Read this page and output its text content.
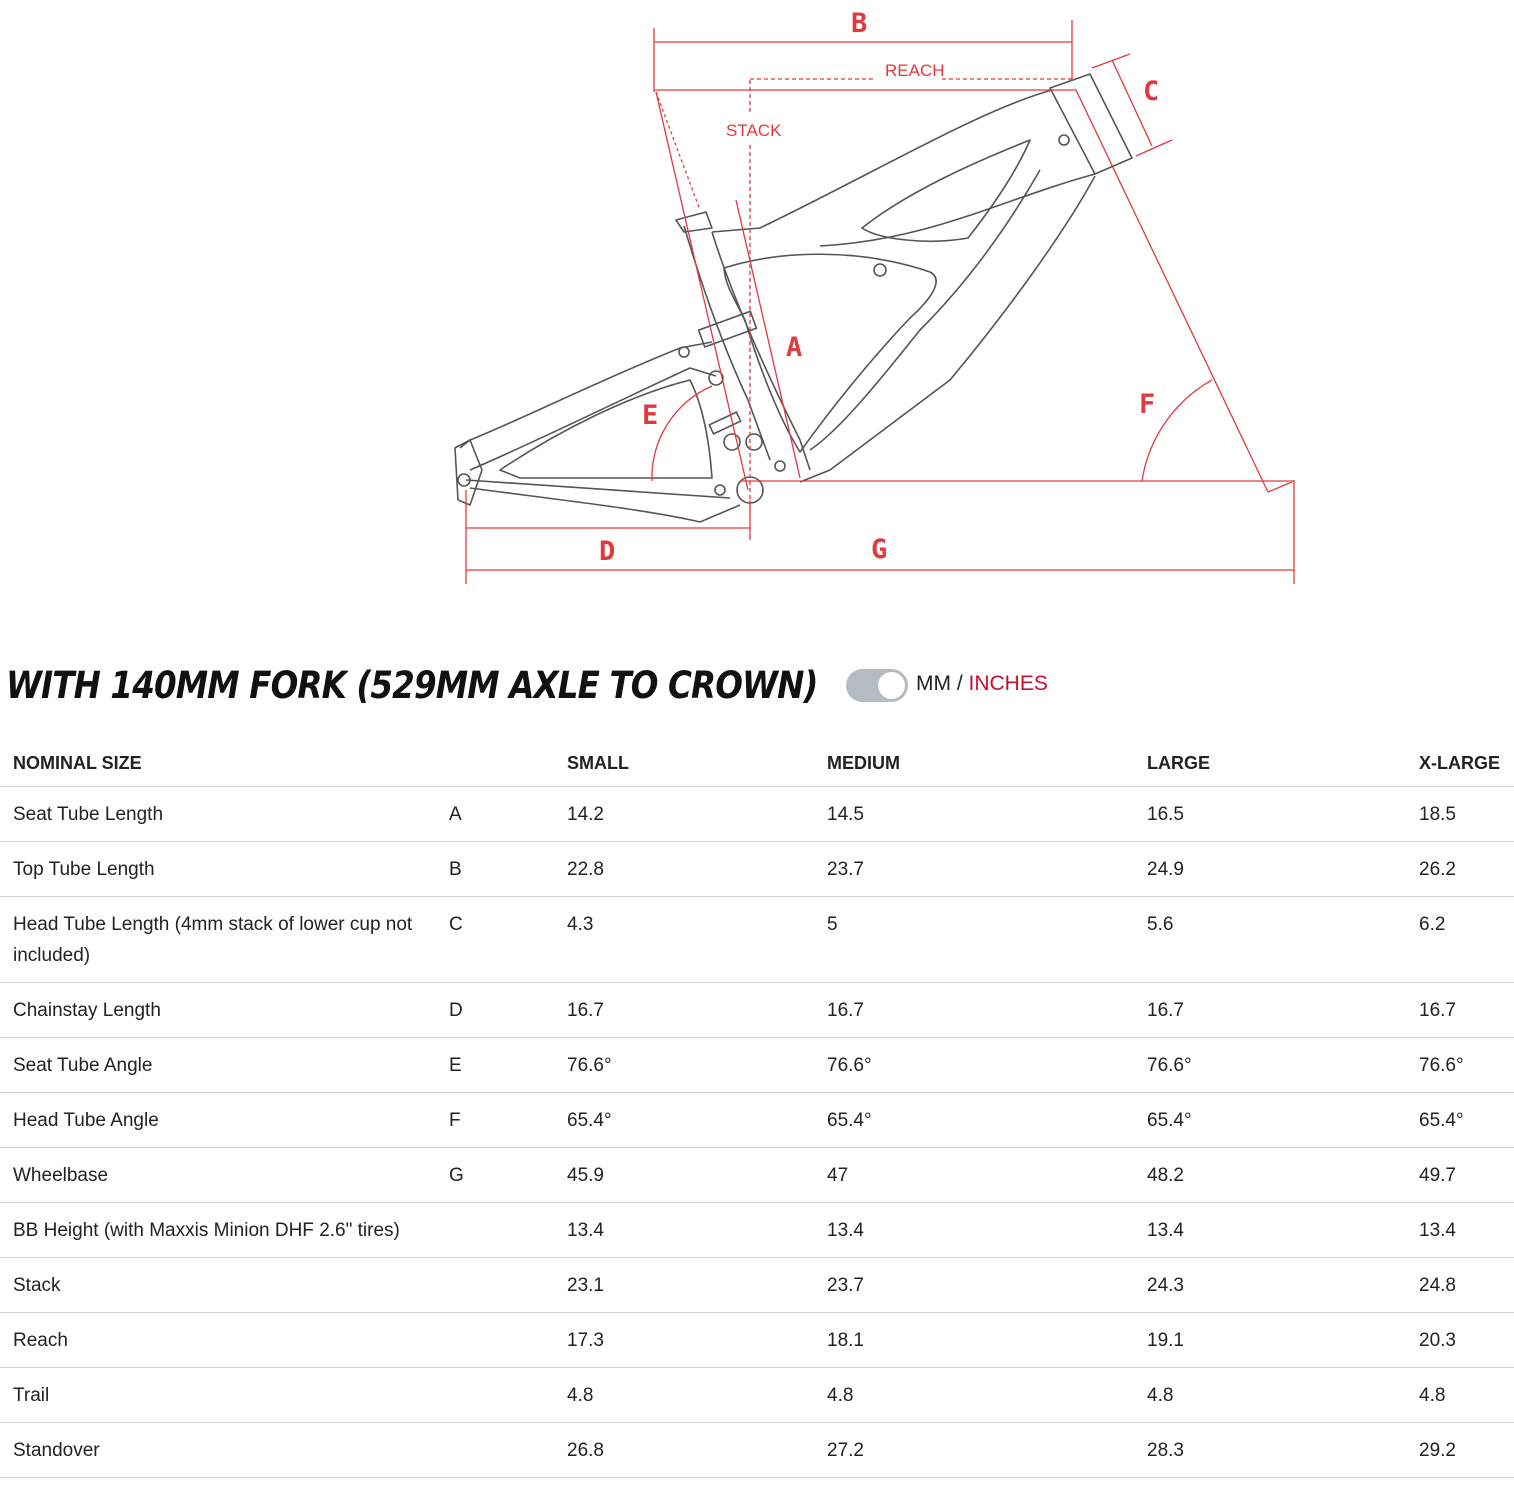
B
REACH
STACK
C
A
E	F
D	G
WITH 140MM FORK (529MM AXLE TO CROWN)	MM / INCHES
NOMINAL SIZE		SMALL	MEDIUM	LARGE	X-LARGE
Seat Tube Length	A	14.2	14.5	16.5	18.5
Top Tube Length	B	22.8	23.7	24.9	26.2
Head Tube Length (4mm stack of lower cup not included)	C	4.3	5	5.6	6.2
Chainstay Length	D	16.7	16.7	16.7	16.7
Seat Tube Angle	E	76.6°	76.6°	76.6°	76.6°
Head Tube Angle	F	65.4°	65.4°	65.4°	65.4°
Wheelbase	G	45.9	47	48.2	49.7
BB Height (with Maxxis Minion DHF 2.6" tires)		13.4	13.4	13.4	13.4
Stack		23.1	23.7	24.3	24.8
Reach		17.3	18.1	19.1	20.3
Trail		4.8	4.8	4.8	4.8
Standover		26.8	27.2	28.3	29.2
